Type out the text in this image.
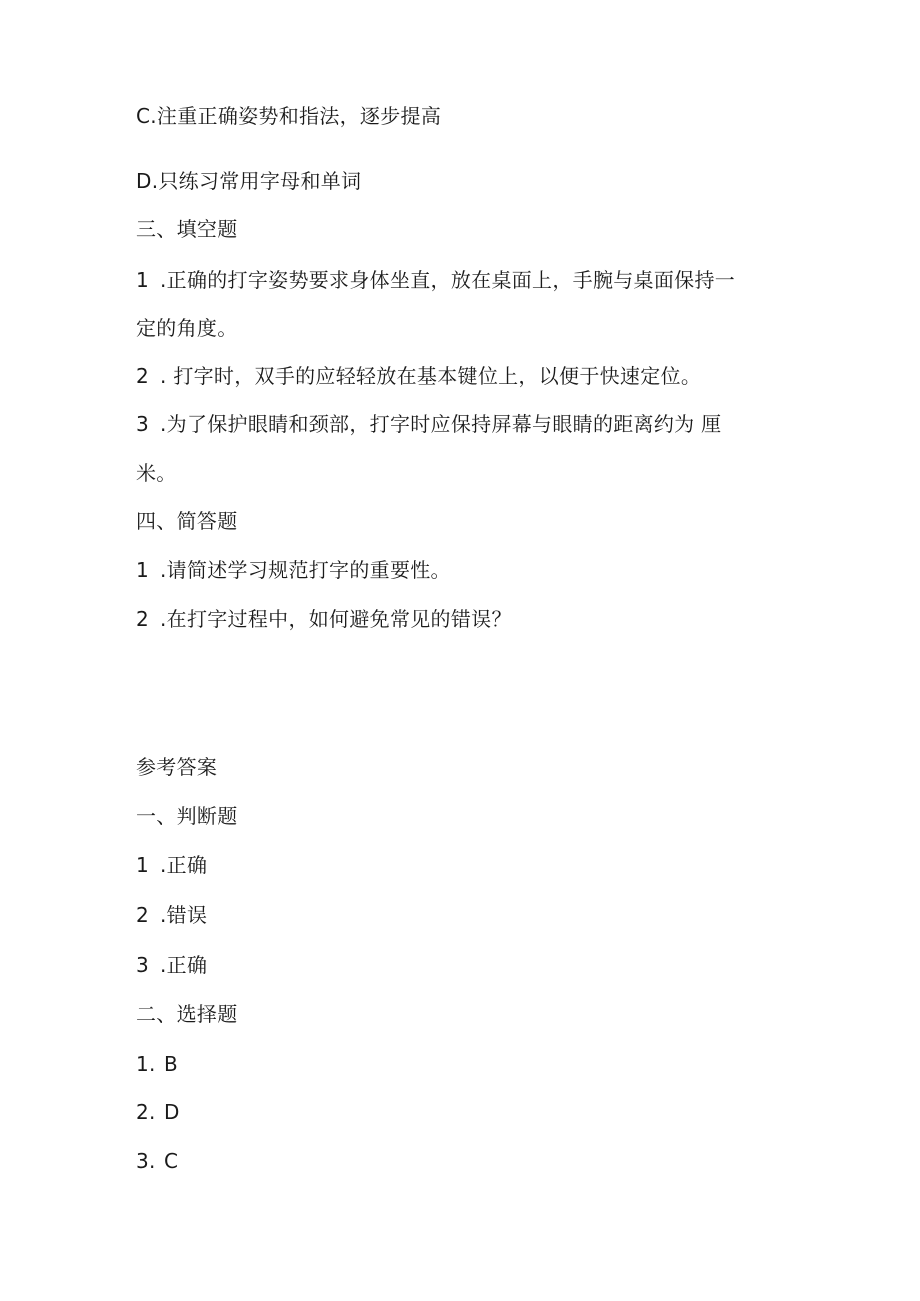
C.注重正确姿势和指法，逐步提高
D.只练习常用字母和单词
三、填空题
1 .正确的打字姿势要求身体坐直，放在桌面上，手腕与桌面保持一
定的角度。
2 . 打字时，双手的应轻轻放在基本键位上，以便于快速定位。
3 .为了保护眼睛和颈部，打字时应保持屏幕与眼睛的距离约为 厘
米。
四、简答题
1 .请简述学习规范打字的重要性。
2 .在打字过程中，如何避免常见的错误？
参考答案
一、判断题
1 .正确
2 .错误
3 .正确
二、选择题
1. B
2. D
3. C
